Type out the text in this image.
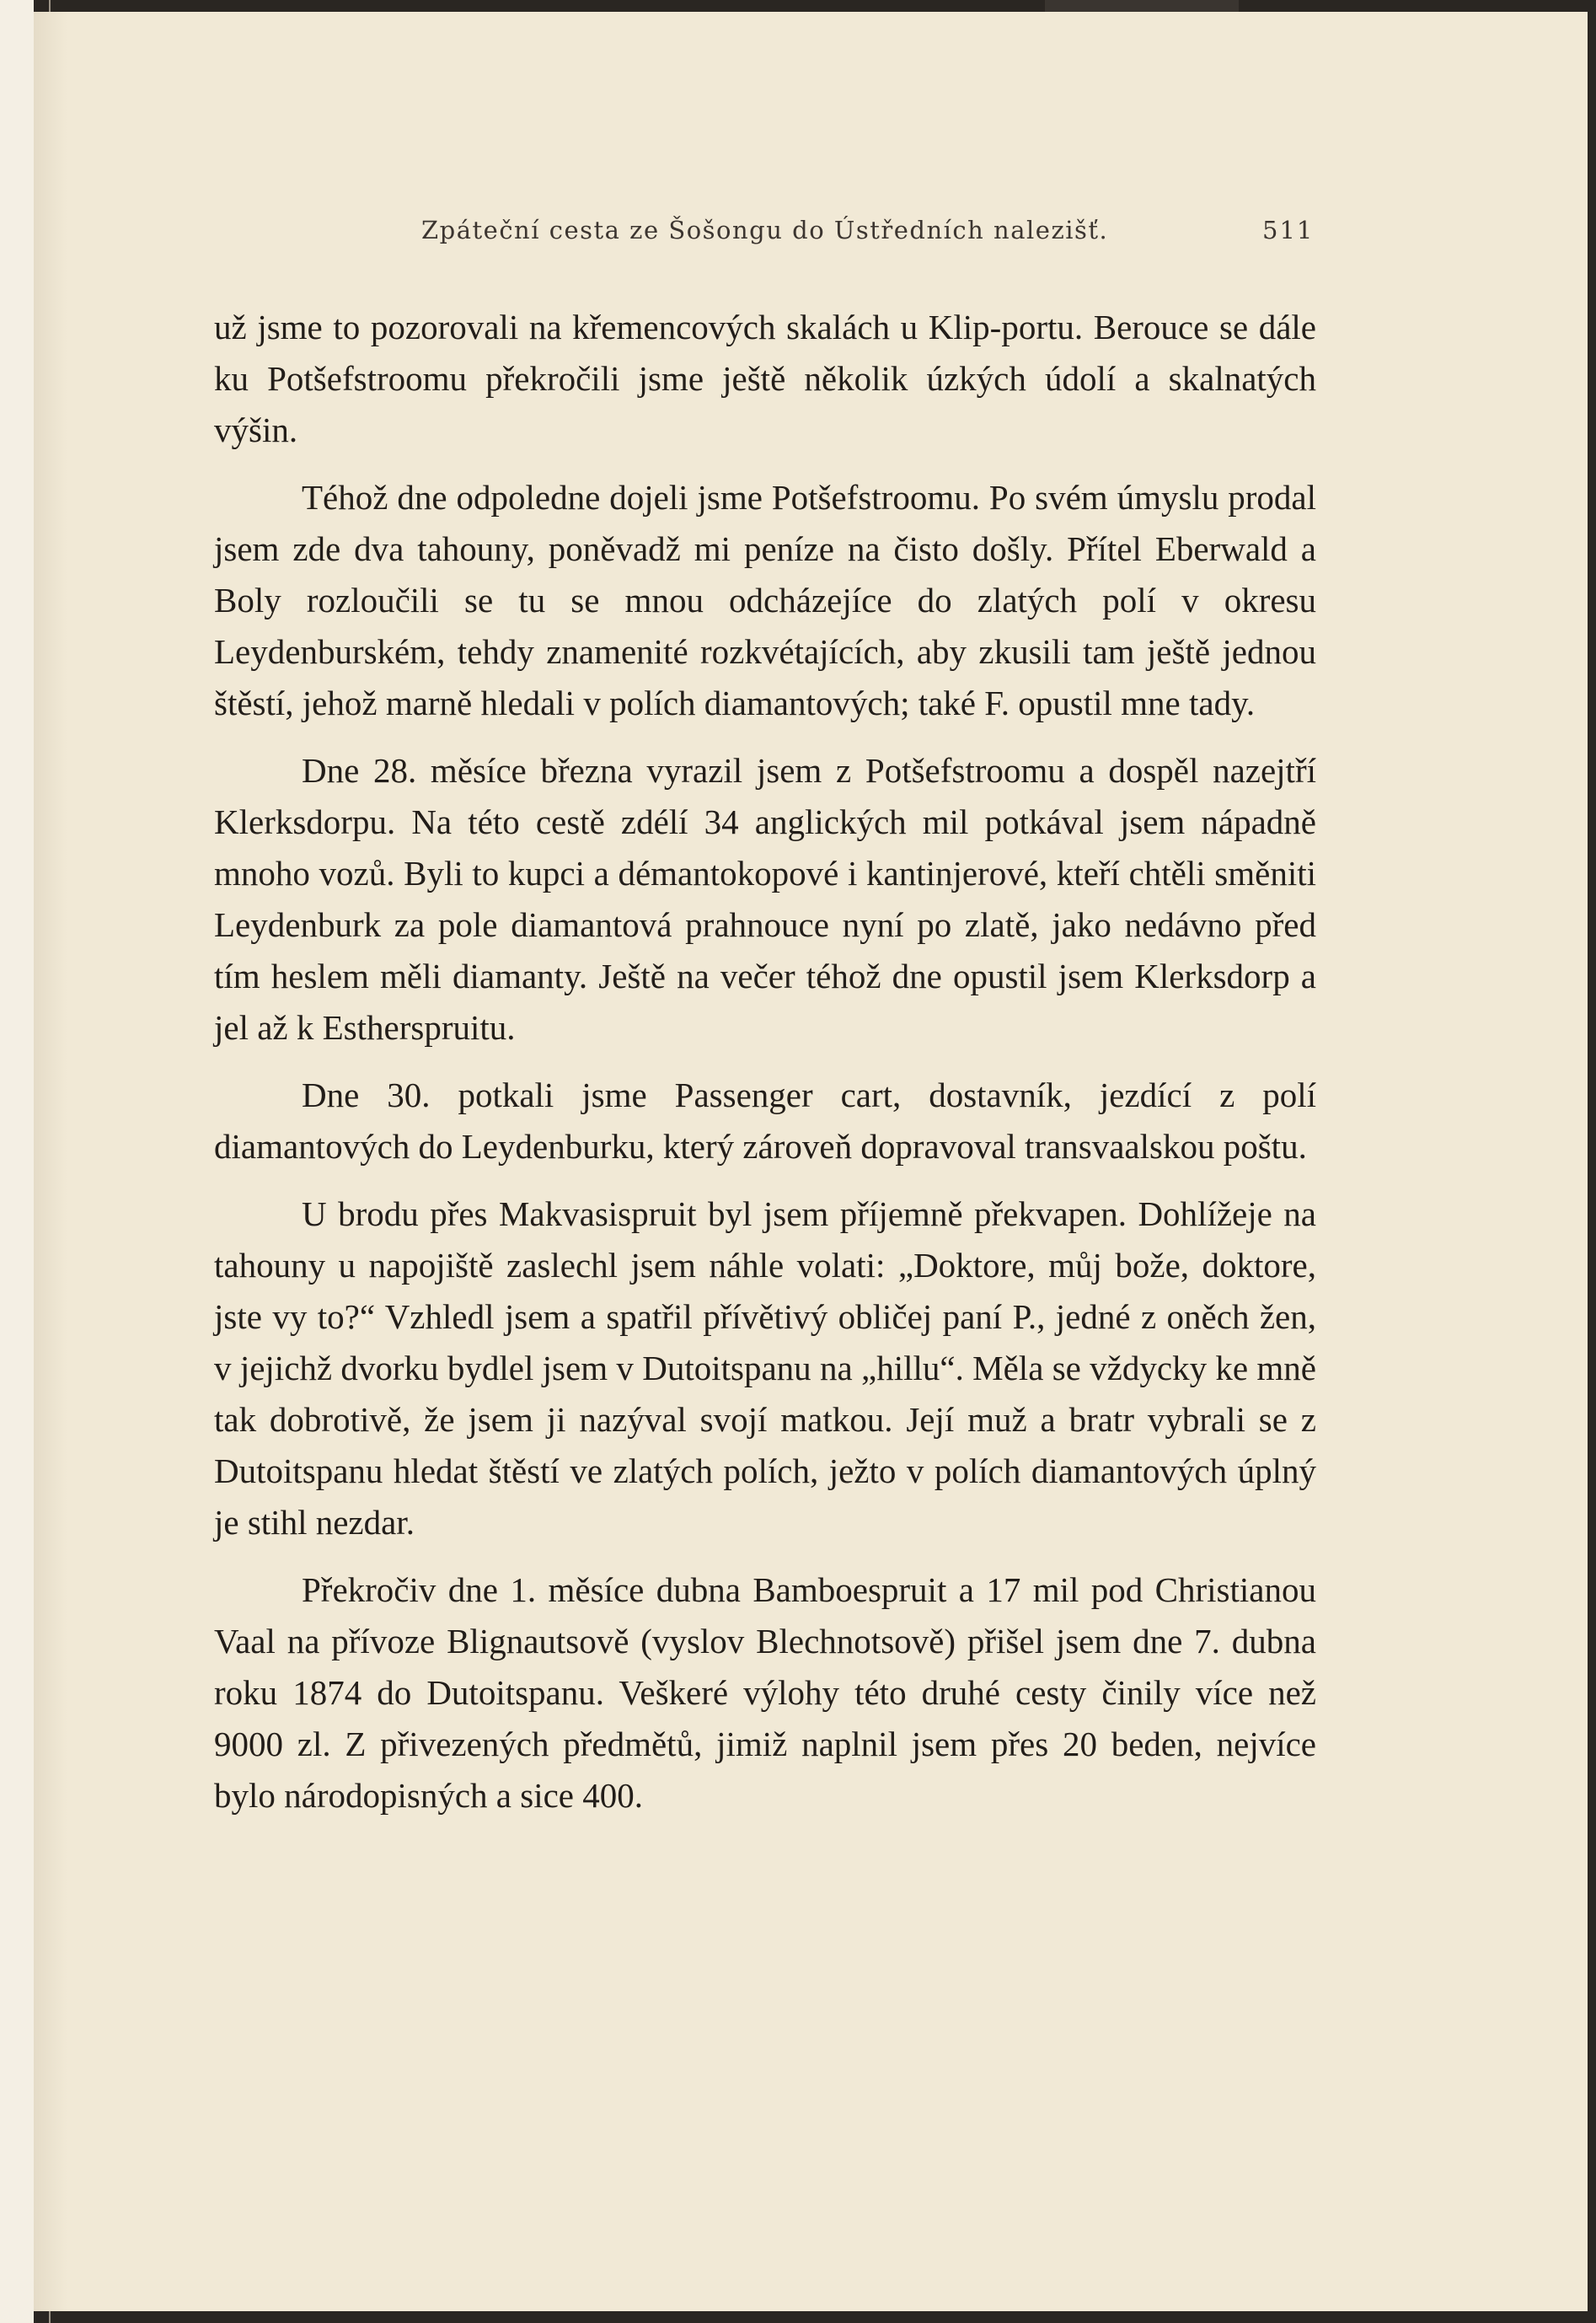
Zpáteční cesta ze Šošongu do Ústředních nalezišť.	511

už jsme to pozorovali na křemencových skalách u Klip-portu. Berouce se dále ku Potšefstroomu překročili jsme ještě několik úzkých údolí a skalnatých výšin.

Téhož dne odpoledne dojeli jsme Potšefstroomu. Po svém úmyslu prodal jsem zde dva tahouny, poněvadž mi peníze na čisto došly. Přítel Eberwald a Boly rozloučili se tu se mnou odcházejíce do zlatých polí v okresu Leydenburském, tehdy znamenité rozkvétajících, aby zkusili tam ještě jednou štěstí, jehož marně hledali v polích diamantových; také F. opustil mne tady.

Dne 28. měsíce března vyrazil jsem z Potšefstroomu a dospěl nazejtří Klerksdorpu. Na této cestě zdélí 34 anglických mil potkával jsem nápadně mnoho vozů. Byli to kupci a démantokopové i kantinjerové, kteří chtěli směniti Leydenburk za pole diamantová prahnouce nyní po zlatě, jako nedávno před tím heslem měli diamanty. Ještě na večer téhož dne opustil jsem Klerksdorp a jel až k Estherspruitu.

Dne 30. potkali jsme Passenger cart, dostavník, jezdící z polí diamantových do Leydenburku, který zároveň dopravoval transvaalskou poštu.

U brodu přes Makvasispruit byl jsem příjemně překvapen. Dohlížeje na tahouny u napojiště zaslechl jsem náhle volati: „Doktore, můj bože, doktore, jste vy to?“ Vzhledl jsem a spatřil přívětivý obličej paní P., jedné z oněch žen, v jejichž dvorku bydlel jsem v Dutoitspanu na „hillu“. Měla se vždycky ke mně tak dobrotivě, že jsem ji nazýval svojí matkou. Její muž a bratr vybrali se z Dutoitspanu hledat štěstí ve zlatých polích, ježto v polích diamantových úplný je stihl nezdar.

Překročiv dne 1. měsíce dubna Bamboespruit a 17 mil pod Christianou Vaal na přívoze Blignautsově (vyslov Blechnotsově) přišel jsem dne 7. dubna roku 1874 do Dutoitspanu. Veškeré výlohy této druhé cesty činily více než 9000 zl. Z přivezených předmětů, jimiž naplnil jsem přes 20 beden, nejvíce bylo národopisných a sice 400.
